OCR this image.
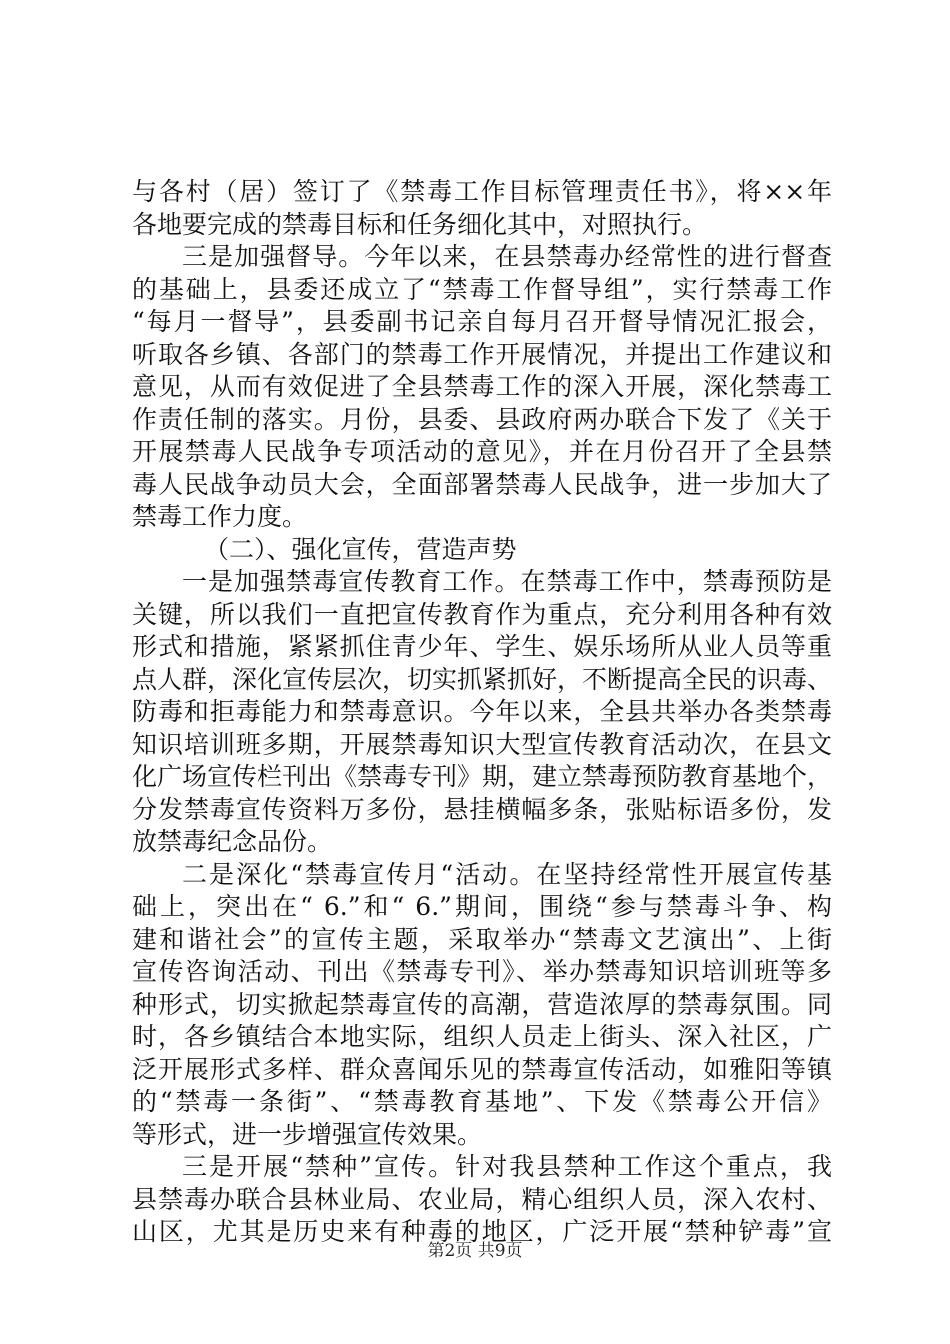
与各村（居）签订了《禁毒工作目标管理责任书》，将××年
各地要完成的禁毒目标和任务细化其中，对照执行。
三是加强督导。今年以来，在县禁毒办经常性的进行督查
的基础上，县委还成立了“禁毒工作督导组”，实行禁毒工作
“每月一督导”，县委副书记亲自每月召开督导情况汇报会，
听取各乡镇、各部门的禁毒工作开展情况，并提出工作建议和
意见，从而有效促进了全县禁毒工作的深入开展，深化禁毒工
作责任制的落实。月份，县委、县政府两办联合下发了《关于
开展禁毒人民战争专项活动的意见》，并在月份召开了全县禁
毒人民战争动员大会，全面部署禁毒人民战争，进一步加大了
禁毒工作力度。
（二）、强化宣传，营造声势
一是加强禁毒宣传教育工作。在禁毒工作中，禁毒预防是
关键，所以我们一直把宣传教育作为重点，充分利用各种有效
形式和措施，紧紧抓住青少年、学生、娱乐场所从业人员等重
点人群，深化宣传层次，切实抓紧抓好，不断提高全民的识毒、
防毒和拒毒能力和禁毒意识。今年以来，全县共举办各类禁毒
知识培训班多期，开展禁毒知识大型宣传教育活动次，在县文
化广场宣传栏刊出《禁毒专刊》期，建立禁毒预防教育基地个，
分发禁毒宣传资料万多份，悬挂横幅多条，张贴标语多份，发
放禁毒纪念品份。
二是深化“禁毒宣传月“活动。在坚持经常性开展宣传基
础上，突出在“ 6.”和“ 6.”期间，围绕“参与禁毒斗争、构
建和谐社会”的宣传主题，采取举办“禁毒文艺演出”、上街
宣传咨询活动、刊出《禁毒专刊》、举办禁毒知识培训班等多
种形式，切实掀起禁毒宣传的高潮，营造浓厚的禁毒氛围。同
时，各乡镇结合本地实际，组织人员走上街头、深入社区，广
泛开展形式多样、群众喜闻乐见的禁毒宣传活动，如雅阳等镇
的“禁毒一条街”、“禁毒教育基地”、下发《禁毒公开信》
等形式，进一步增强宣传效果。
三是开展“禁种”宣传。针对我县禁种工作这个重点，我
县禁毒办联合县林业局、农业局，精心组织人员，深入农村、
山区，尤其是历史来有种毒的地区，广泛开展“禁种铲毒”宣
第2页 共9页
